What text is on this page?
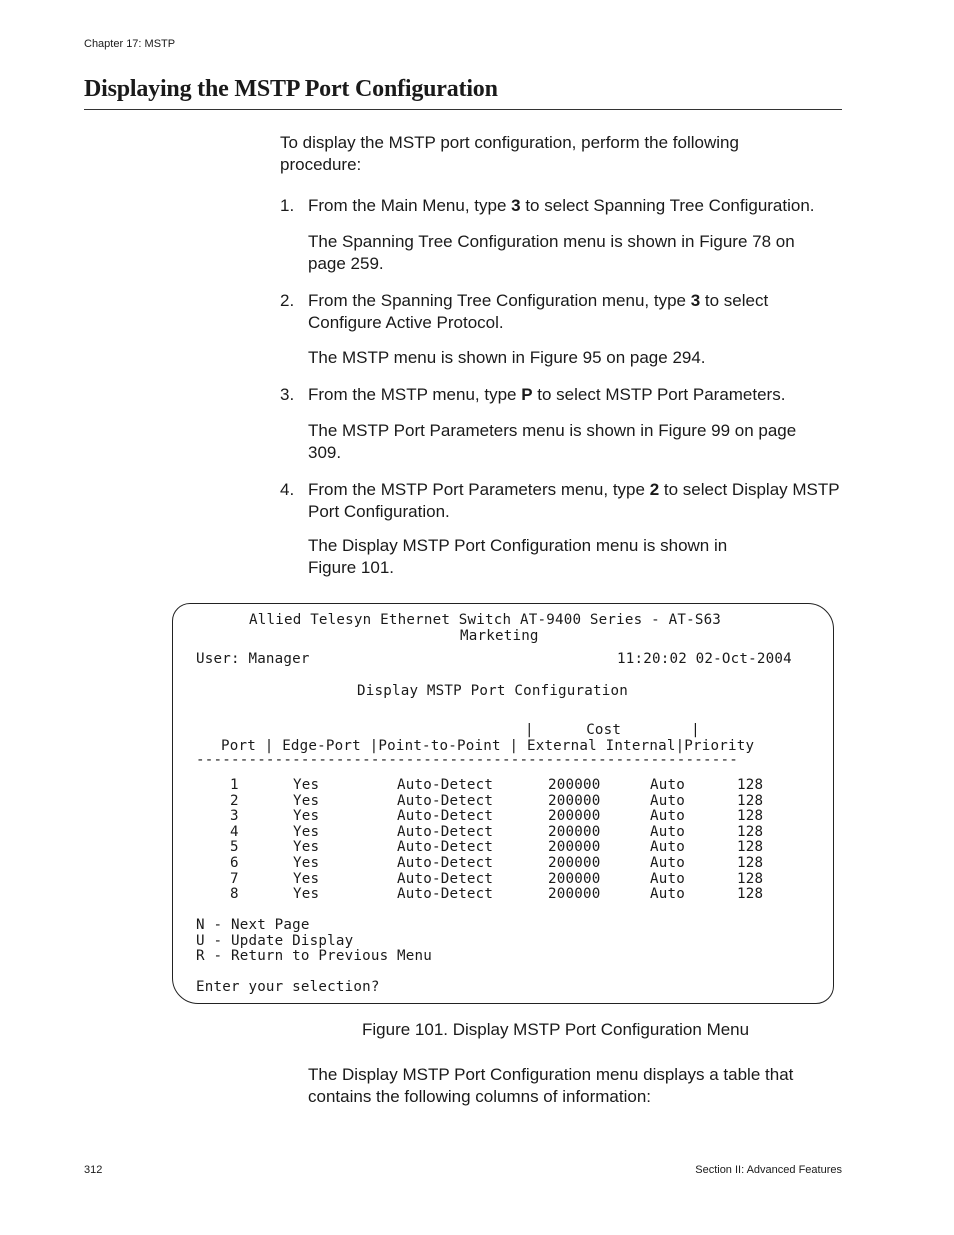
Chapter 17: MSTP
Displaying the MSTP Port Configuration

To display the MSTP port configuration, perform the following procedure:

1. From the Main Menu, type 3 to select Spanning Tree Configuration.

The Spanning Tree Configuration menu is shown in Figure 78 on page 259.

2. From the Spanning Tree Configuration menu, type 3 to select Configure Active Protocol.

The MSTP menu is shown in Figure 95 on page 294.

3. From the MSTP menu, type P to select MSTP Port Parameters.

The MSTP Port Parameters menu is shown in Figure 99 on page 309.

4. From the MSTP Port Parameters menu, type 2 to select Display MSTP Port Configuration.

The Display MSTP Port Configuration menu is shown in Figure 101.

Allied Telesyn Ethernet Switch AT-9400 Series - AT-S63
Marketing
User: Manager	11:20:02 02-Oct-2004
Display MSTP Port Configuration
|      Cost        |
Port | Edge-Port |Point-to-Point | External Internal|Priority
--------------------------------------------------------------
1	Yes	Auto-Detect	200000	Auto	128
2	Yes	Auto-Detect	200000	Auto	128
3	Yes	Auto-Detect	200000	Auto	128
4	Yes	Auto-Detect	200000	Auto	128
5	Yes	Auto-Detect	200000	Auto	128
6	Yes	Auto-Detect	200000	Auto	128
7	Yes	Auto-Detect	200000	Auto	128
8	Yes	Auto-Detect	200000	Auto	128
N - Next Page
U - Update Display
R - Return to Previous Menu
Enter your selection?
Figure 101. Display MSTP Port Configuration Menu

The Display MSTP Port Configuration menu displays a table that contains the following columns of information:

312	Section II: Advanced Features
